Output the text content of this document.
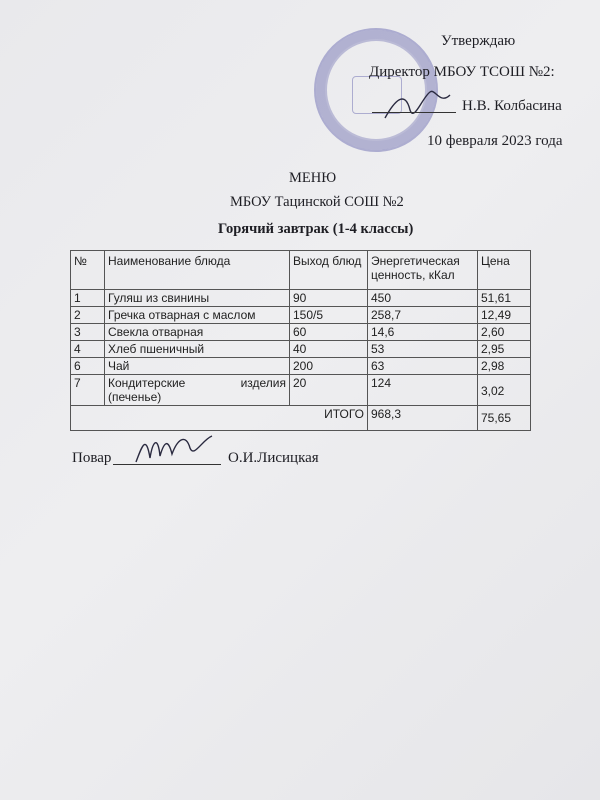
Утверждаю
Директор МБОУ ТСОШ №2:
Н.В. Колбасина
10 февраля 2023 года
МЕНЮ
МБОУ Тацинской СОШ №2
Горячий завтрак (1-4 классы)
№	Наименование блюда	Выход блюд	Энергетическая ценность, кКал	Цена
1	Гуляш из свинины	90	450	51,61
2	Гречка отварная с маслом	150/5	258,7	12,49
3	Свекла отварная	60	14,6	2,60
4	Хлеб пшеничный	40	53	2,95
6	Чай	200	63	2,98
7	Кондитерские изделия (печенье)	20	124	3,02
ИТОГО			968,3	75,65
Повар	О.И.Лисицкая
